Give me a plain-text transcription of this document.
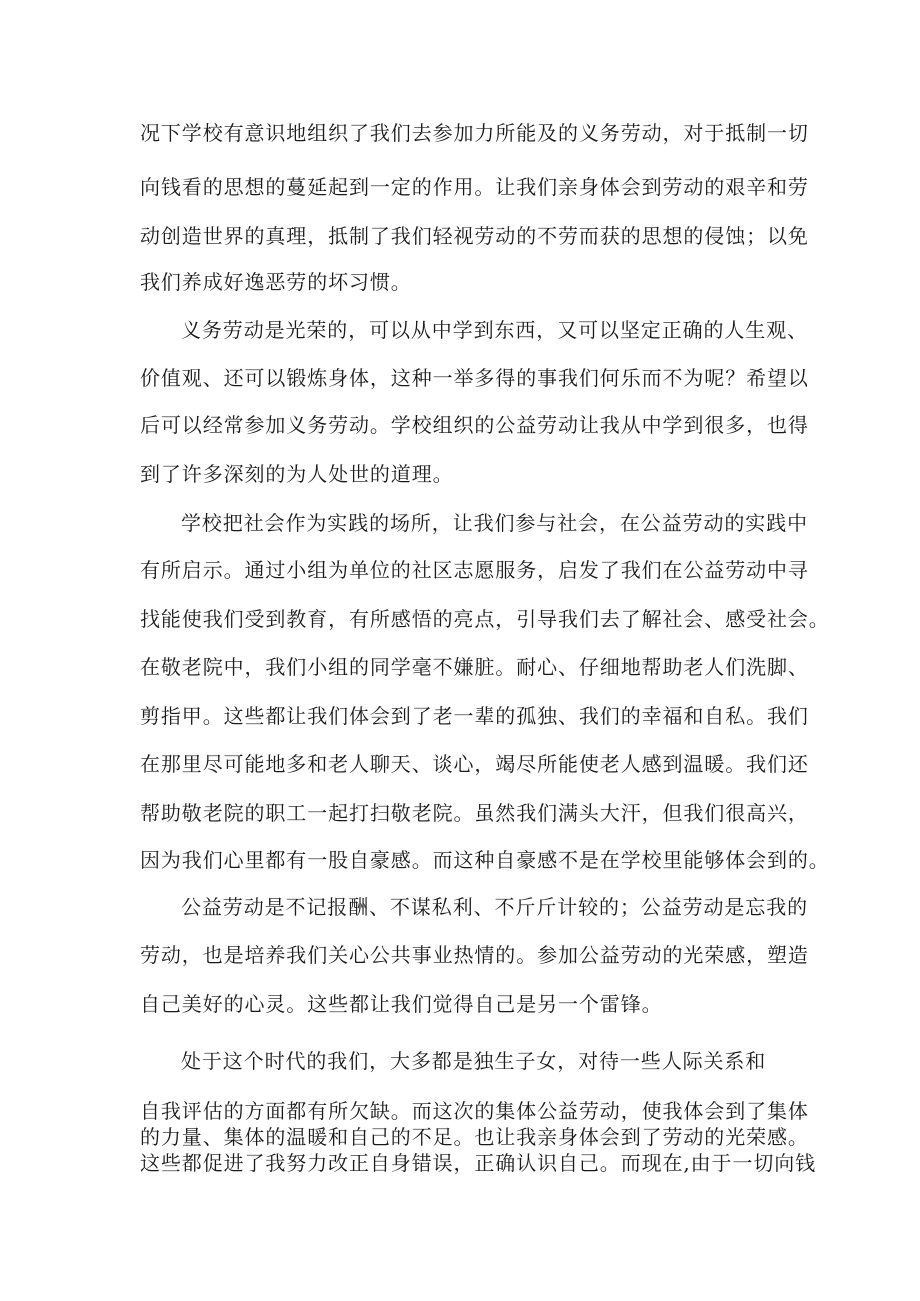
况下学校有意识地组织了我们去参加力所能及的义务劳动，对于抵制一切
向钱看的思想的蔓延起到一定的作用。让我们亲身体会到劳动的艰辛和劳
动创造世界的真理，抵制了我们轻视劳动的不劳而获的思想的侵蚀；以免
我们养成好逸恶劳的坏习惯。
义务劳动是光荣的，可以从中学到东西，又可以坚定正确的人生观、
价值观、还可以锻炼身体，这种一举多得的事我们何乐而不为呢？希望以
后可以经常参加义务劳动。学校组织的公益劳动让我从中学到很多，也得
到了许多深刻的为人处世的道理。
学校把社会作为实践的场所，让我们参与社会，在公益劳动的实践中
有所启示。通过小组为单位的社区志愿服务，启发了我们在公益劳动中寻
找能使我们受到教育，有所感悟的亮点，引导我们去了解社会、感受社会。
在敬老院中，我们小组的同学毫不嫌脏。耐心、仔细地帮助老人们洗脚、
剪指甲。这些都让我们体会到了老一辈的孤独、我们的幸福和自私。我们
在那里尽可能地多和老人聊天、谈心，竭尽所能使老人感到温暖。我们还
帮助敬老院的职工一起打扫敬老院。虽然我们满头大汗，但我们很高兴，
因为我们心里都有一股自豪感。而这种自豪感不是在学校里能够体会到的。
公益劳动是不记报酬、不谋私利、不斤斤计较的；公益劳动是忘我的
劳动，也是培养我们关心公共事业热情的。参加公益劳动的光荣感，塑造
自己美好的心灵。这些都让我们觉得自己是另一个雷锋。
处于这个时代的我们，大多都是独生子女，对待一些人际关系和
自我评估的方面都有所欠缺。而这次的集体公益劳动，使我体会到了集体
的力量、集体的温暖和自己的不足。也让我亲身体会到了劳动的光荣感。
这些都促进了我努力改正自身错误，正确认识自己。而现在,由于一切向钱
